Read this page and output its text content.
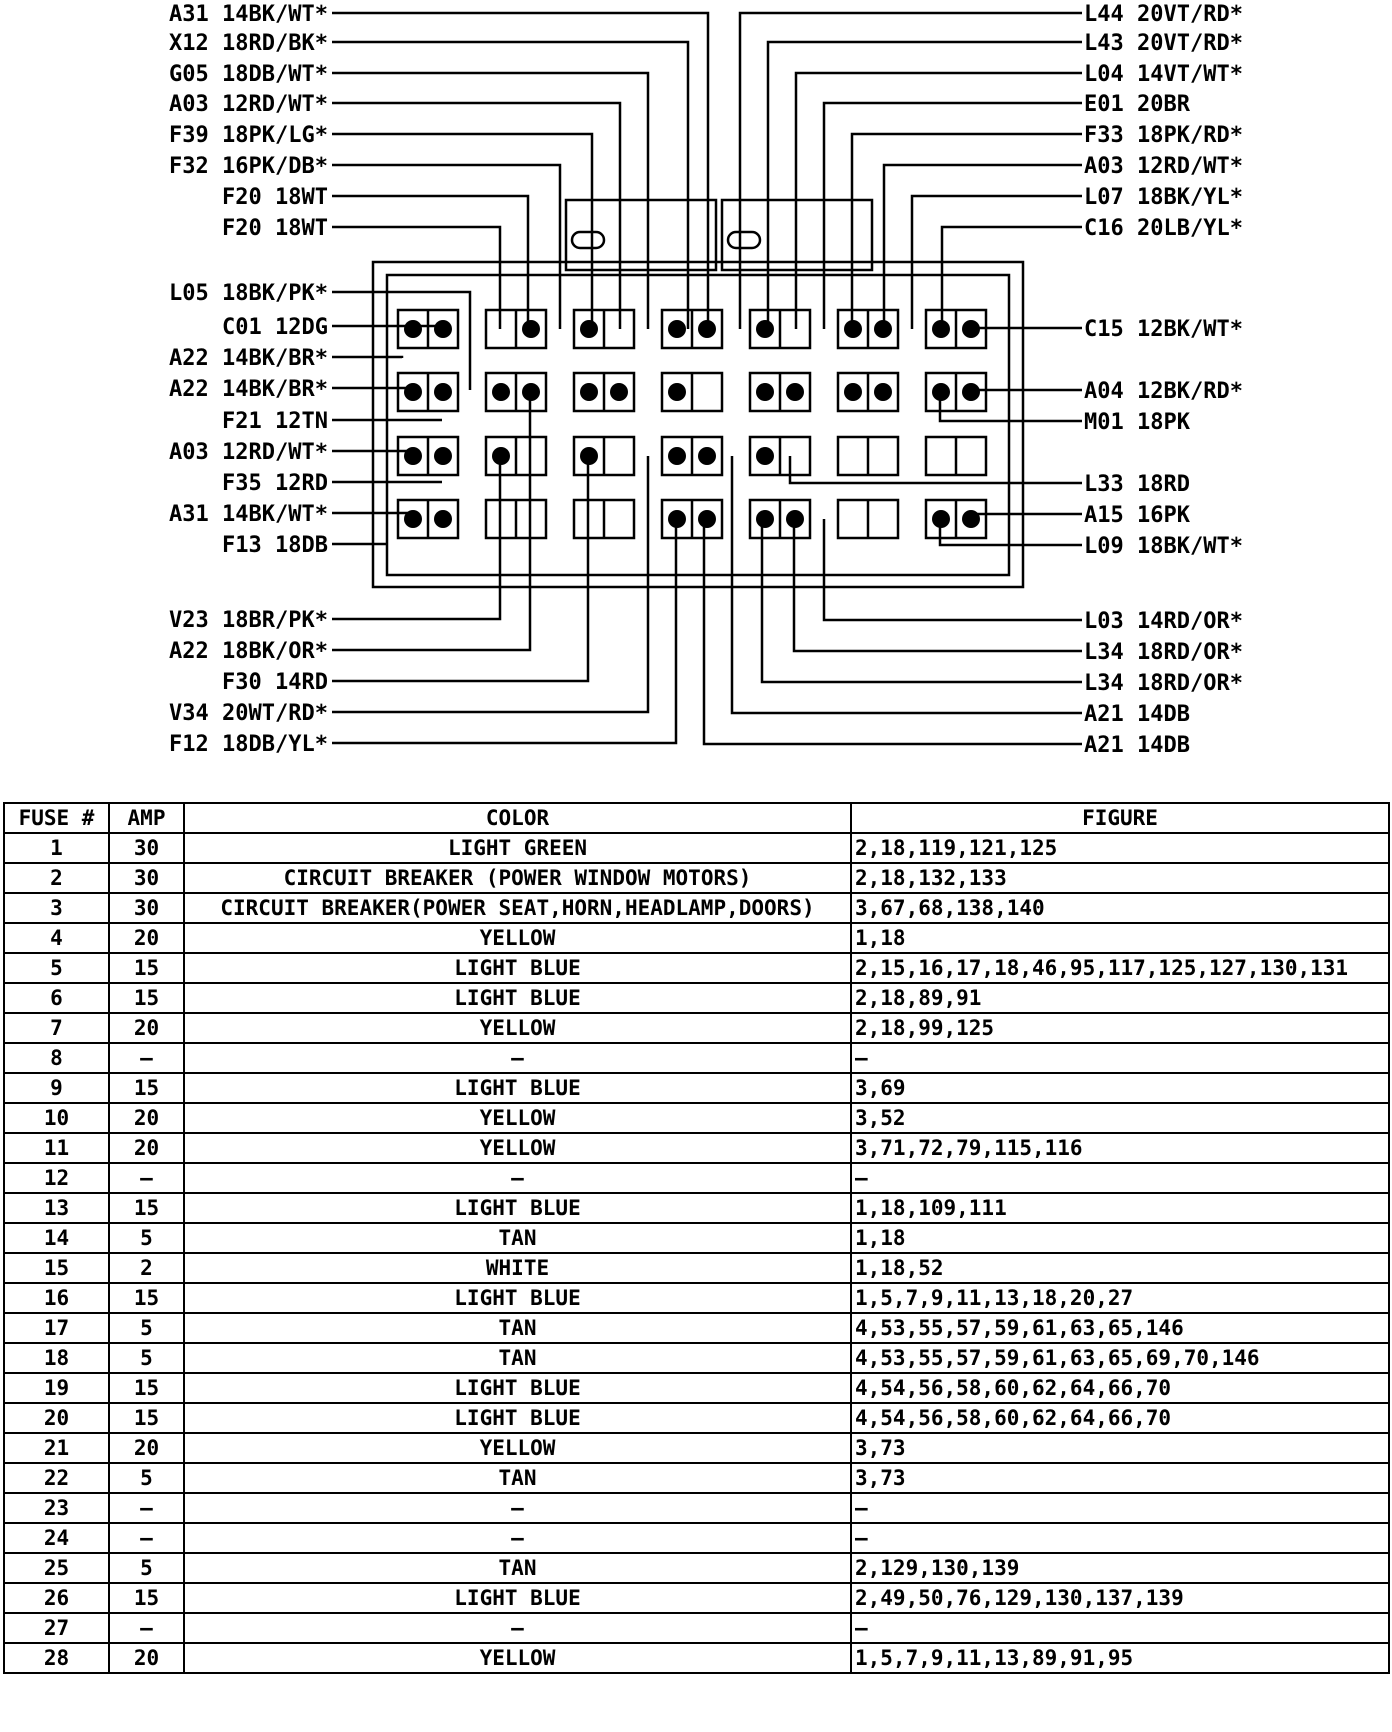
A31 14BK/WT*
X12 18RD/BK*
G05 18DB/WT*
A03 12RD/WT*
F39 18PK/LG*
F32 16PK/DB*
F20 18WT
F20 18WT
L05 18BK/PK*
C01 12DG
A22 14BK/BR*
A22 14BK/BR*
F21 12TN
A03 12RD/WT*
F35 12RD
A31 14BK/WT*
F13 18DB
V23 18BR/PK*
A22 18BK/OR*
F30 14RD
V34 20WT/RD*
F12 18DB/YL*
L44 20VT/RD*
L43 20VT/RD*
L04 14VT/WT*
E01 20BR
F33 18PK/RD*
A03 12RD/WT*
L07 18BK/YL*
C16 20LB/YL*
C15 12BK/WT*
A04 12BK/RD*
M01 18PK
L33 18RD
A15 16PK
L09 18BK/WT*
L03 14RD/OR*
L34 18RD/OR*
L34 18RD/OR*
A21 14DB
A21 14DB
FUSE #	AMP	COLOR	FIGURE
1	30	LIGHT GREEN	2,18,119,121,125
2	30	CIRCUIT BREAKER (POWER WINDOW MOTORS)	2,18,132,133
3	30	CIRCUIT BREAKER(POWER SEAT,HORN,HEADLAMP,DOORS)	3,67,68,138,140
4	20	YELLOW	1,18
5	15	LIGHT BLUE	2,15,16,17,18,46,95,117,125,127,130,131
6	15	LIGHT BLUE	2,18,89,91
7	20	YELLOW	2,18,99,125
8	—	—	—
9	15	LIGHT BLUE	3,69
10	20	YELLOW	3,52
11	20	YELLOW	3,71,72,79,115,116
12	—	—	—
13	15	LIGHT BLUE	1,18,109,111
14	5	TAN	1,18
15	2	WHITE	1,18,52
16	15	LIGHT BLUE	1,5,7,9,11,13,18,20,27
17	5	TAN	4,53,55,57,59,61,63,65,146
18	5	TAN	4,53,55,57,59,61,63,65,69,70,146
19	15	LIGHT BLUE	4,54,56,58,60,62,64,66,70
20	15	LIGHT BLUE	4,54,56,58,60,62,64,66,70
21	20	YELLOW	3,73
22	5	TAN	3,73
23	—	—	—
24	—	—	—
25	5	TAN	2,129,130,139
26	15	LIGHT BLUE	2,49,50,76,129,130,137,139
27	—	—	—
28	20	YELLOW	1,5,7,9,11,13,89,91,95
